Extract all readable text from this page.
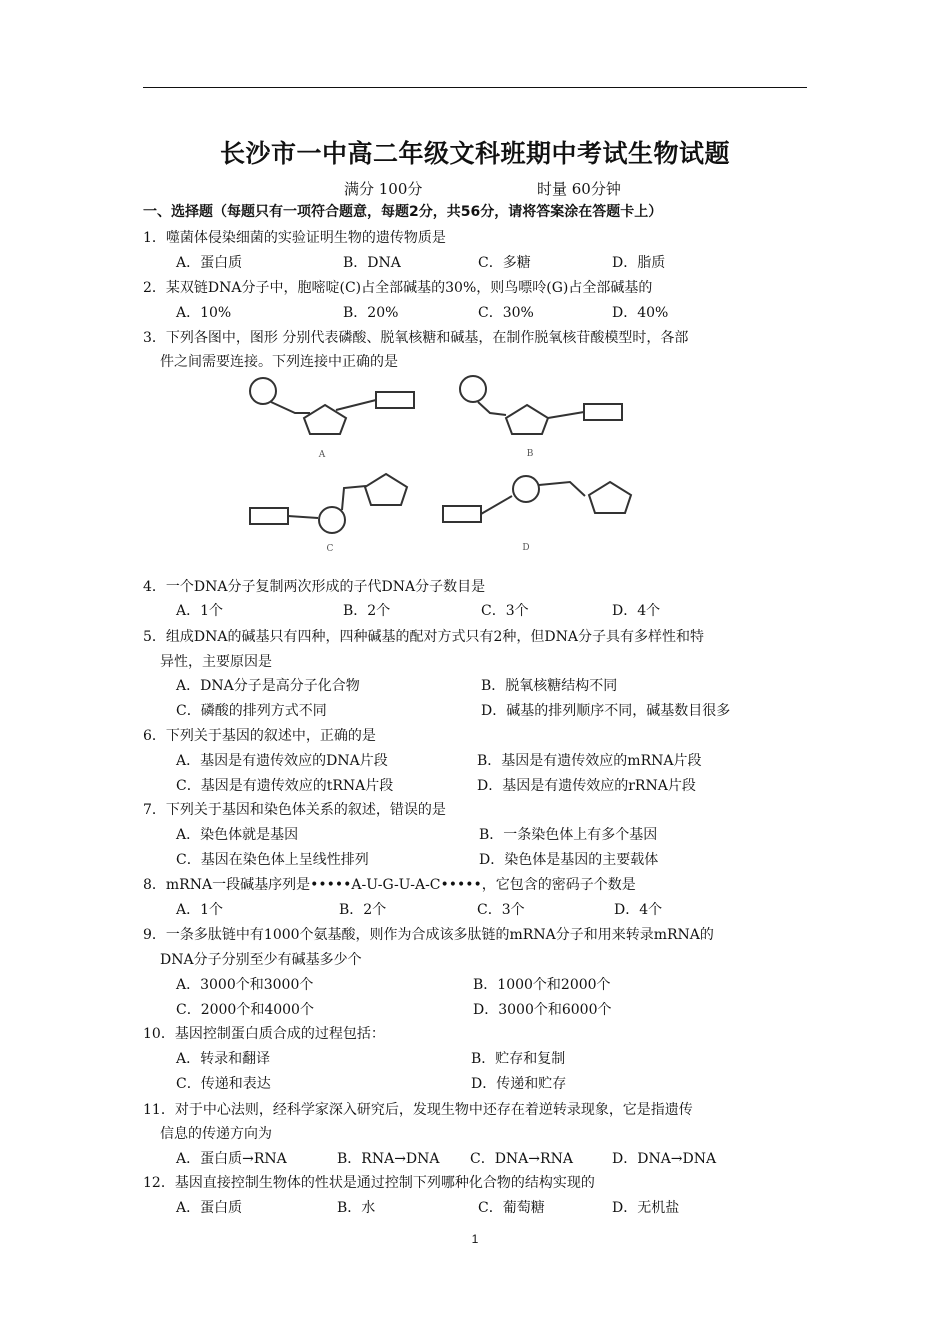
长沙市一中高二年级文科班期中考试生物试题
满分 100分	时量 60分钟
一、选择题（每题只有一项符合题意，每题2分，共56分，请将答案涂在答题卡上）
1．噬菌体侵染细菌的实验证明生物的遗传物质是
A．蛋白质	B．DNA	C．多糖	D．脂质
2．某双链DNA分子中，胞嘧啶(C)占全部碱基的30%，则鸟嘌呤(G)占全部碱基的
A．10%	B．20%	C．30%	D．40%
3．下列各图中，图形 分别代表磷酸、脱氧核糖和碱基，在制作脱氧核苷酸模型时，各部
件之间需要连接。下列连接中正确的是
A	B
C	D
4．一个DNA分子复制两次形成的子代DNA分子数目是
A．1个	B．2个	C．3个	D．4个
5．组成DNA的碱基只有四种，四种碱基的配对方式只有2种，但DNA分子具有多样性和特
异性，主要原因是
A．DNA分子是高分子化合物	B．脱氧核糖结构不同
C．磷酸的排列方式不同	D．碱基的排列顺序不同，碱基数目很多
6．下列关于基因的叙述中，正确的是
A．基因是有遗传效应的DNA片段	B．基因是有遗传效应的mRNA片段
C．基因是有遗传效应的tRNA片段	D．基因是有遗传效应的rRNA片段
7．下列关于基因和染色体关系的叙述，错误的是
A．染色体就是基因	B．一条染色体上有多个基因
C．基因在染色体上呈线性排列	D．染色体是基因的主要载体
8．mRNA一段碱基序列是•••••A-U-G-U-A-C•••••，它包含的密码子个数是
A．1个	B．2个	C．3个	D．4个
9．一条多肽链中有1000个氨基酸，则作为合成该多肽链的mRNA分子和用来转录mRNA的
DNA分子分别至少有碱基多少个
A．3000个和3000个	B．1000个和2000个
C．2000个和4000个	D．3000个和6000个
10．基因控制蛋白质合成的过程包括：
A．转录和翻译	B．贮存和复制
C．传递和表达	D．传递和贮存
11．对于中心法则，经科学家深入研究后，发现生物中还存在着逆转录现象，它是指遗传
信息的传递方向为
A．蛋白质→RNA	B．RNA→DNA C．DNA→RNA	D．DNA→DNA
12．基因直接控制生物体的性状是通过控制下列哪种化合物的结构实现的
A．蛋白质	B．水	C．葡萄糖	D．无机盐
1
